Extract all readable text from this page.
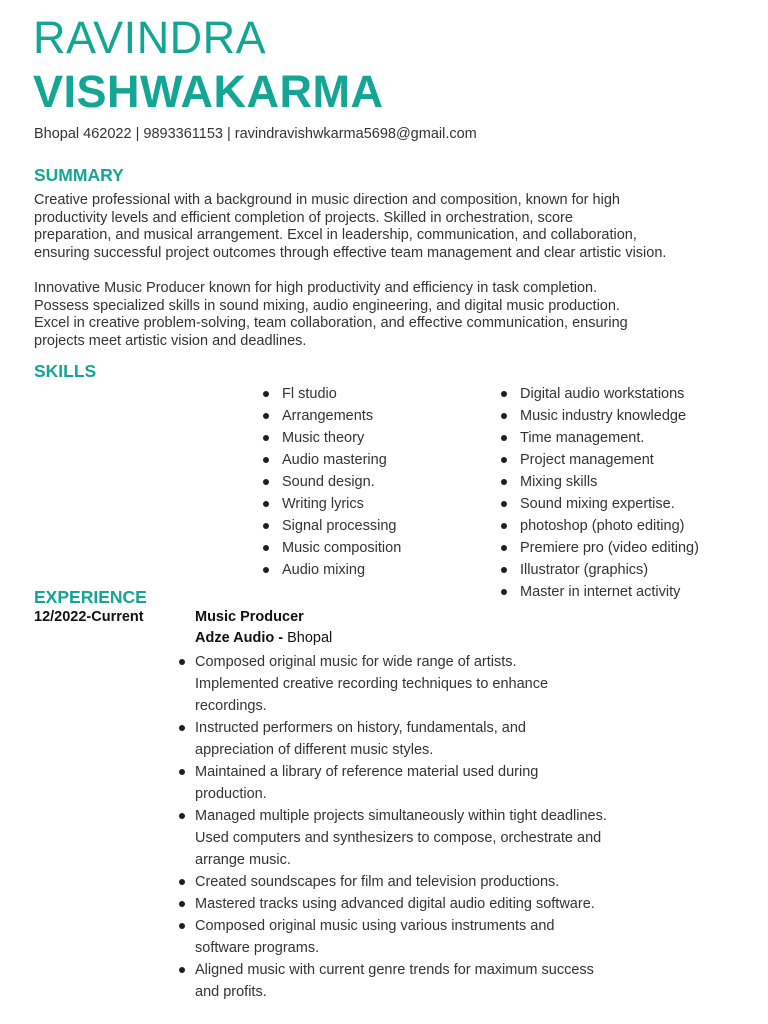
RAVINDRA
VISHWAKARMA
Bhopal 462022 | 9893361153 | ravindravishwkarma5698@gmail.com
SUMMARY
Creative professional with a background in music direction and composition, known for high
productivity levels and efficient completion of projects. Skilled in orchestration, score
preparation, and musical arrangement. Excel in leadership, communication, and collaboration,
ensuring successful project outcomes through effective team management and clear artistic vision.
Innovative Music Producer known for high productivity and efficiency in task completion.
Possess specialized skills in sound mixing, audio engineering, and digital music production.
Excel in creative problem-solving, team collaboration, and effective communication, ensuring
projects meet artistic vision and deadlines.
SKILLS
Fl studio
Arrangements
Music theory
Audio mastering
Sound design.
Writing lyrics
Signal processing
Music composition
Audio mixing
Digital audio workstations
Music industry knowledge
Time management.
Project management
Mixing skills
Sound mixing expertise.
photoshop (photo editing)
Premiere pro (video editing)
Illustrator (graphics)
Master in internet activity
EXPERIENCE
12/2022-Current	Music Producer
Adze Audio - Bhopal
Composed original music for wide range of artists.
Implemented creative recording techniques to enhance
recordings.
Instructed performers on history, fundamentals, and
appreciation of different music styles.
Maintained a library of reference material used during
production.
Managed multiple projects simultaneously within tight deadlines.
Used computers and synthesizers to compose, orchestrate and
arrange music.
Created soundscapes for film and television productions.
Mastered tracks using advanced digital audio editing software.
Composed original music using various instruments and
software programs.
Aligned music with current genre trends for maximum success
and profits.
